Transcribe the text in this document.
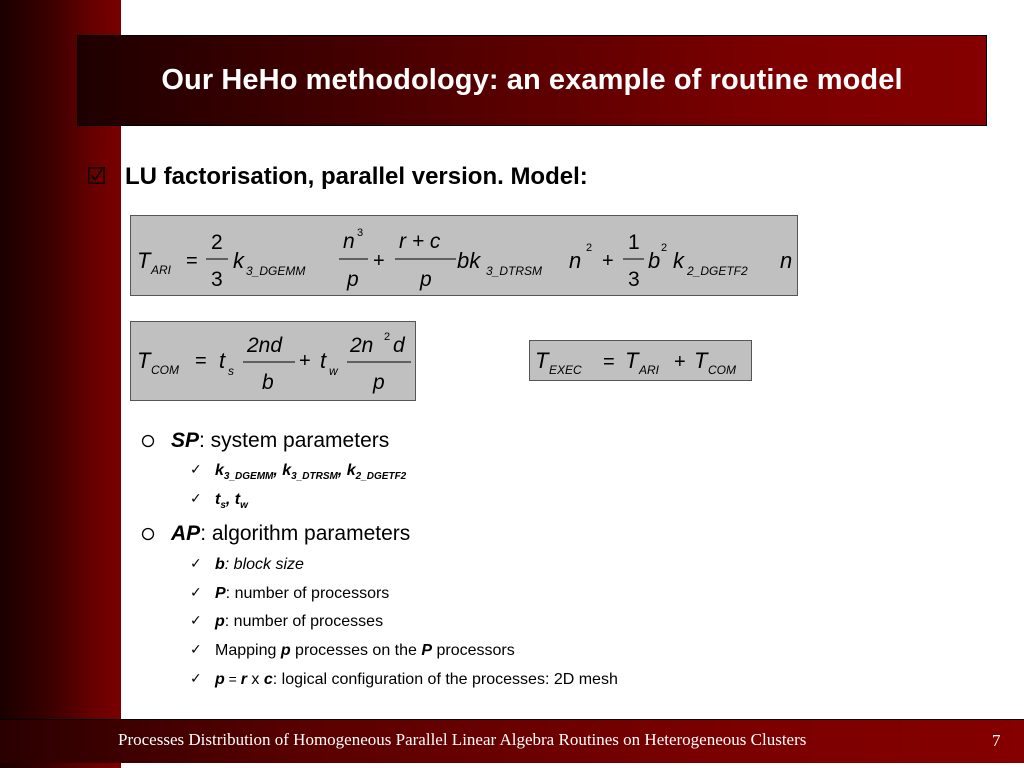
Our HeHo methodology: an example of routine model
LU factorisation, parallel version. Model:
T ARI =
2
3
k 3_DGEMM
n 3
p
+
r + c
p
bk 3_DTRSM n 2
+
1
3
b 2 k 2_DGETF2 n
T COM = t s
2nd
b
+ t w
2n 2 d
p
T EXEC = T ARI + T COM
SP: system parameters
✓ $k_{3\_DGEMM}$, $k_{3\_DTRSM}$, $k_{2\_DGETF2}$
✓ $t_s$, $t_w$
AP: algorithm parameters
✓ b: block size
✓ P: number of processors
✓ p: number of processes
✓ Mapping p processes on the P processors
✓ p = r x c: logical configuration of the processes: 2D mesh
Processes Distribution of Homogeneous Parallel Linear Algebra Routines on Heterogeneous Clusters	7
